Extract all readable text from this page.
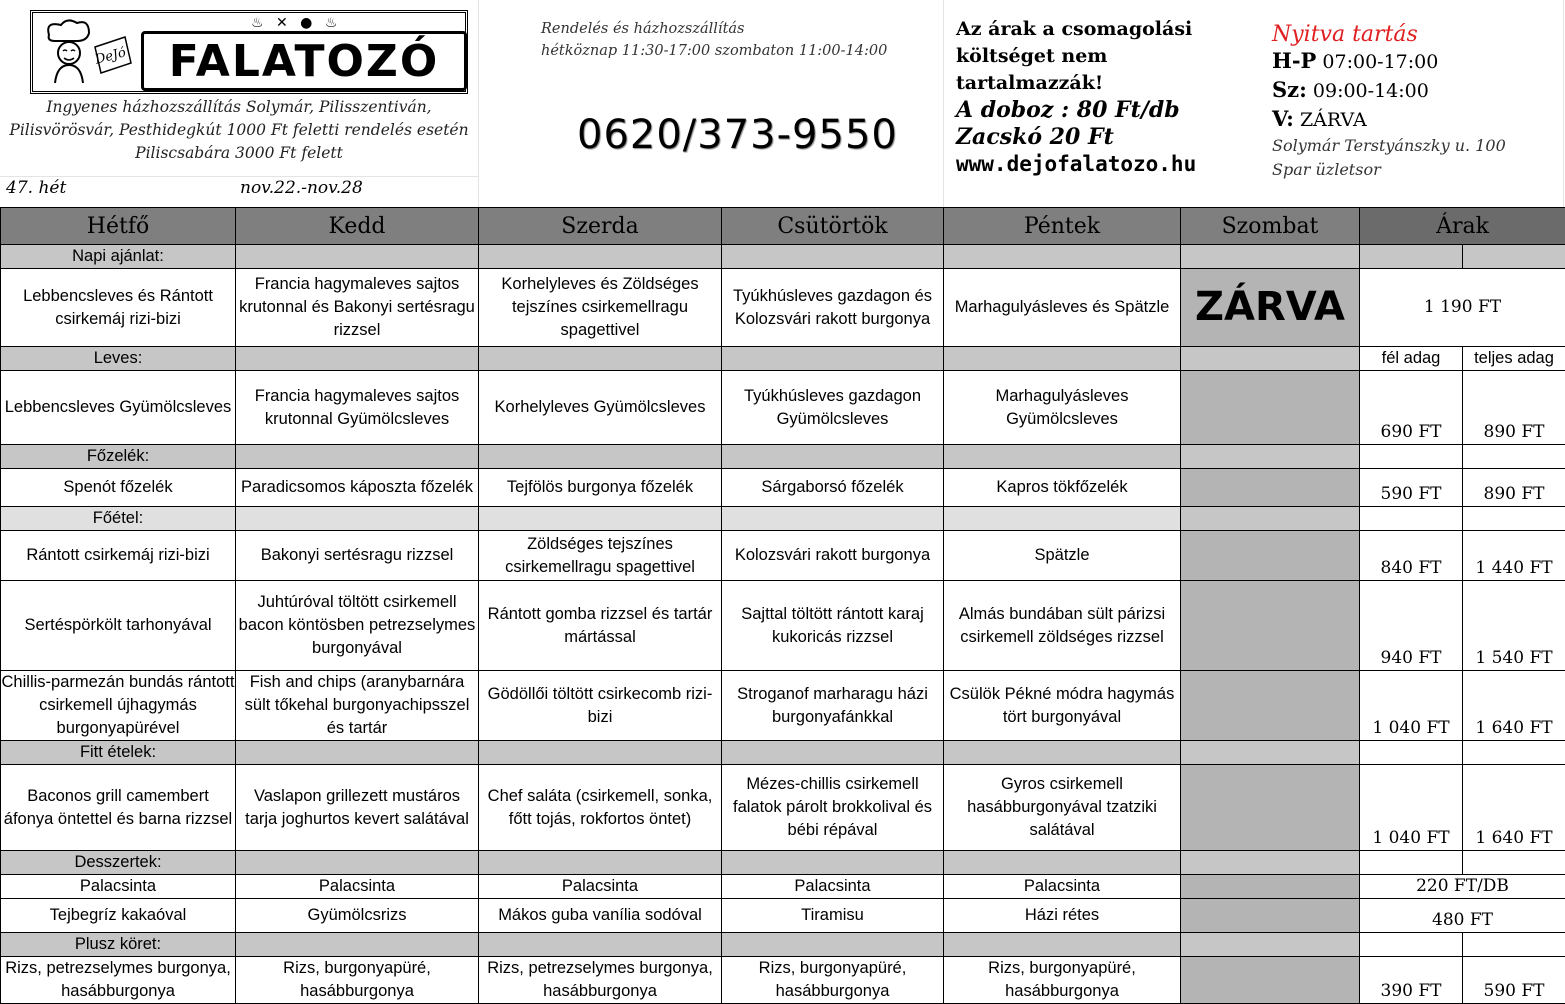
DeJó
♨ ✕ ● ♨
FALATOZÓ
Ingyenes házhozszállítás Solymár, Pilisszentiván,
Pilisvörösvár, Pesthidegkút 1000 Ft feletti rendelés esetén
Piliscsabára 3000 Ft felett
47. hét	nov.22.-nov.28
Rendelés és házhozszállítás
hétköznap 11:30-17:00 szombaton 11:00-14:00
0620/373-9550
Az árak a csomagolási
költséget nem
tartalmazzák!
A doboz : 80 Ft/db
Zacskó 20 Ft
www.dejofalatozo.hu
Nyitva tartás
H-P 07:00-17:00
Sz: 09:00-14:00
V: ZÁRVA
Solymár Terstyánszky u. 100
Spar üzletsor
Hétfő	Kedd	Szerda	Csütörtök	Péntek	Szombat	Árak	
Napi ajánlat:							
Lebbencsleves és Rántott csirkemáj rizi-bizi	Francia hagymaleves sajtos krutonnal és Bakonyi sertésragu rizzsel	Korhelyleves és Zöldséges tejszínes csirkemellragu spagettivel	Tyúkhúsleves gazdagon és Kolozsvári rakott burgonya	Marhagulyásleves és Spätzle	ZÁRVA	1 190 FT	
Leves:						fél adag	teljes adag
Lebbencsleves Gyümölcsleves	Francia hagymaleves sajtos krutonnal Gyümölcsleves	Korhelyleves Gyümölcsleves	Tyúkhúsleves gazdagon Gyümölcsleves	Marhagulyásleves Gyümölcsleves		690 FT	890 FT
Főzelék:							
Spenót főzelék	Paradicsomos káposzta főzelék	Tejfölös burgonya főzelék	Sárgaborsó főzelék	Kapros tökfőzelék		590 FT	890 FT
Főétel:							
Rántott csirkemáj rizi-bizi	Bakonyi sertésragu rizzsel	Zöldséges tejszínes csirkemellragu spagettivel	Kolozsvári rakott burgonya	Spätzle		840 FT	1 440 FT
Sertéspörkölt tarhonyával	Juhtúróval töltött csirkemell bacon köntösben petrezselymes burgonyával	Rántott gomba rizzsel és tartár mártással	Sajttal töltött rántott karaj kukoricás rizzsel	Almás bundában sült párizsi csirkemell zöldséges rizzsel		940 FT	1 540 FT
Chillis-parmezán bundás rántott csirkemell újhagymás burgonyapürével	Fish and chips (aranybarnára sült tőkehal burgonyachipsszel és tartár	Gödöllői töltött csirkecomb rizi-bizi	Stroganof marharagu házi burgonyafánkkal	Csülök Pékné módra hagymás tört burgonyával		1 040 FT	1 640 FT
Fitt ételek:							
Baconos grill camembert áfonya öntettel és barna rizzsel	Vaslapon grillezett mustáros tarja joghurtos kevert salátával	Chef saláta (csirkemell, sonka, főtt tojás, rokfortos öntet)	Mézes-chillis csirkemell falatok párolt brokkolival és bébi répával	Gyros csirkemell hasábburgonyával tzatziki salátával		1 040 FT	1 640 FT
Desszertek:							
Palacsinta	Palacsinta	Palacsinta	Palacsinta	Palacsinta		220 FT/DB	
Tejbegríz kakaóval	Gyümölcsrizs	Mákos guba vanília sodóval	Tiramisu	Házi rétes		480 FT	
Plusz köret:							
Rizs, petrezselymes burgonya, hasábburgonya	Rizs, burgonyapüré, hasábburgonya	Rizs, petrezselymes burgonya, hasábburgonya	Rizs, burgonyapüré, hasábburgonya	Rizs, burgonyapüré, hasábburgonya		390 FT	590 FT
